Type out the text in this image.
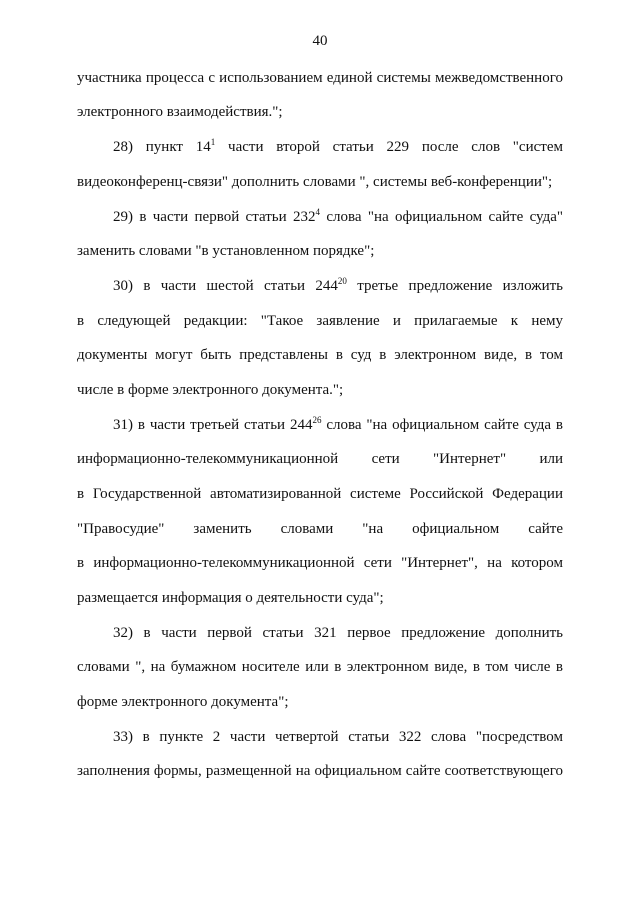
40
участника процесса с использованием единой системы межведомственного
электронного взаимодействия.";
28) пункт $14^1$ части второй статьи 229 после слов "систем
видеоконференц-связи" дополнить словами ", системы веб-конференции";
29) в части первой статьи $232^4$ слова "на официальном сайте суда"
заменить словами "в установленном порядке";
30) в части шестой статьи $244^{20}$ третье предложение изложить
в следующей редакции: "Такое заявление и прилагаемые к нему
документы могут быть представлены в суд в электронном виде, в том
числе в форме электронного документа.";
31) в части третьей статьи $244^{26}$ слова "на официальном сайте суда в
информационно-телекоммуникационной сети "Интернет" или
в Государственной автоматизированной системе Российской Федерации
"Правосудие" заменить словами "на официальном сайте
в информационно-телекоммуникационной сети "Интернет", на котором
размещается информация о деятельности суда";
32) в части первой статьи 321 первое предложение дополнить
словами ", на бумажном носителе или в электронном виде, в том числе в
форме электронного документа";
33) в пункте 2 части четвертой статьи 322 слова "посредством
заполнения формы, размещенной на официальном сайте соответствующего
